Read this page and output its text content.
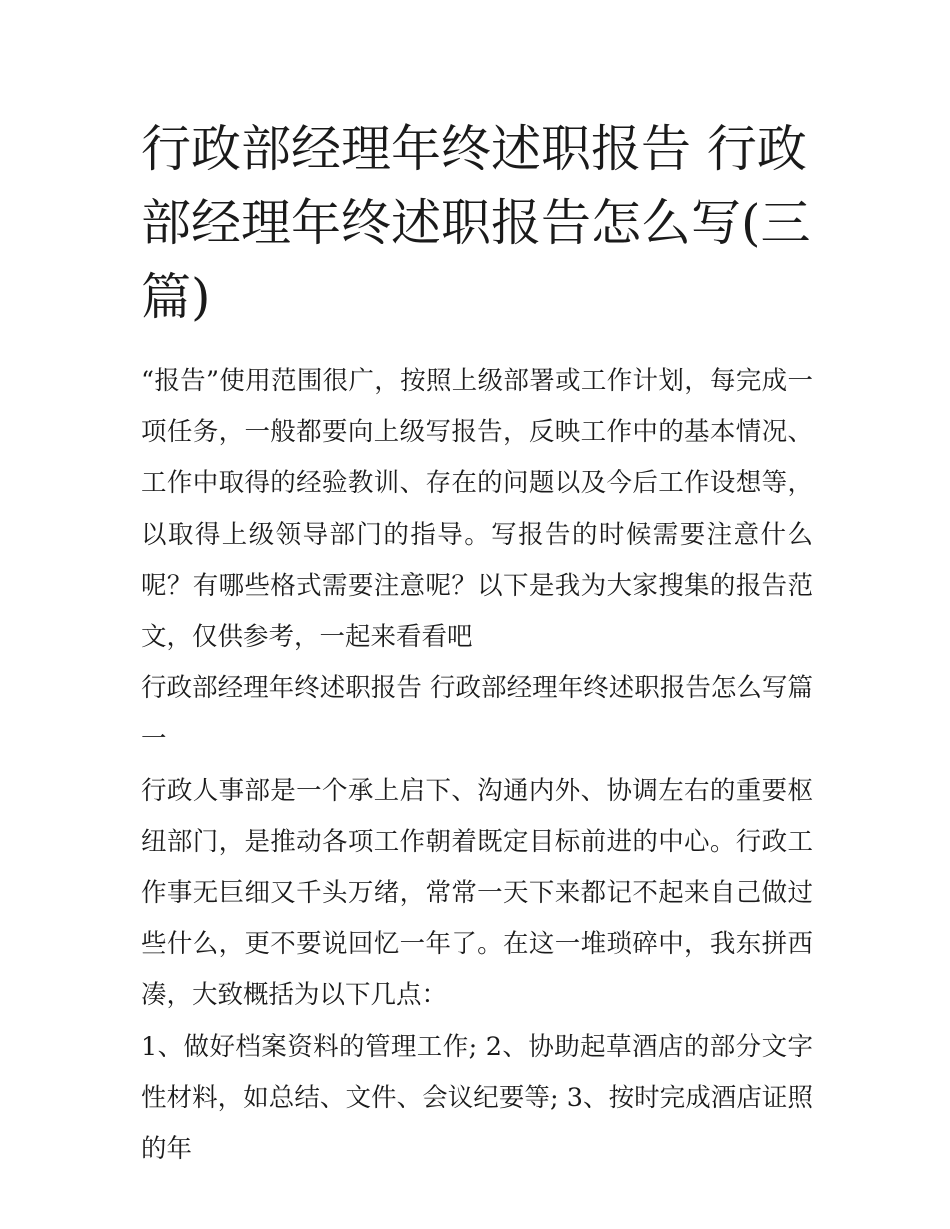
行政部经理年终述职报告 行政部经理年终述职报告怎么写(三篇)

“报告”使用范围很广，按照上级部署或工作计划，每完成一项任务，一般都要向上级写报告，反映工作中的基本情况、工作中取得的经验教训、存在的问题以及今后工作设想等，以取得上级领导部门的指导。写报告的时候需要注意什么呢？有哪些格式需要注意呢？以下是我为大家搜集的报告范文，仅供参考，一起来看看吧

行政部经理年终述职报告 行政部经理年终述职报告怎么写篇一

行政人事部是一个承上启下、沟通内外、协调左右的重要枢纽部门，是推动各项工作朝着既定目标前进的中心。行政工作事无巨细又千头万绪，常常一天下来都记不起来自己做过些什么，更不要说回忆一年了。在这一堆琐碎中，我东拼西凑，大致概括为以下几点：

1、做好档案资料的管理工作; 2、协助起草酒店的部分文字性材料，如总结、文件、会议纪要等; 3、按时完成酒店证照的年
